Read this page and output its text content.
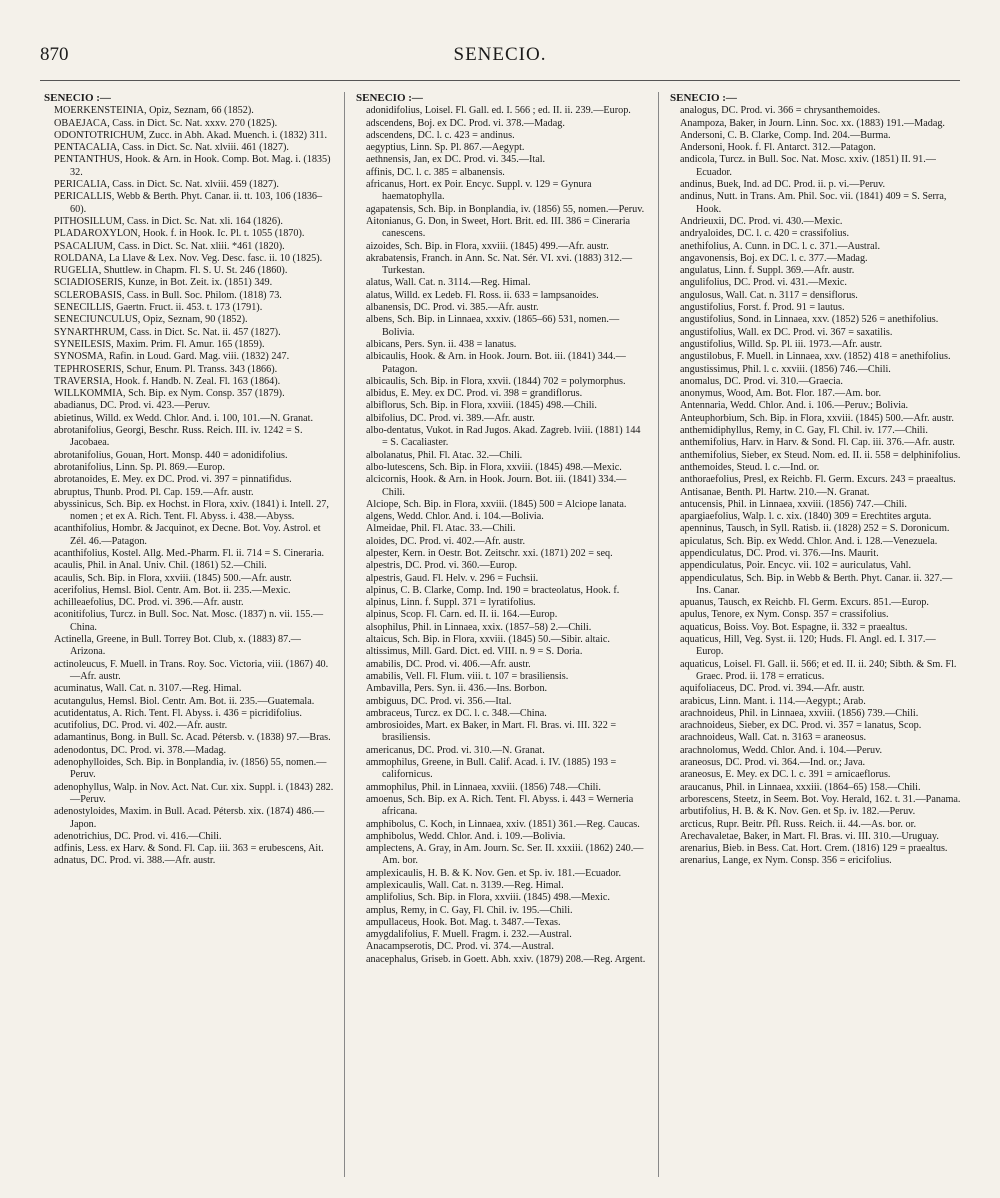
870	SENECIO.
SENECIO :—

MOERKENSTEINIA, Opiz, Seznam, 66 (1852).

OBAEJACA, Cass. in Dict. Sc. Nat. xxxv. 270 (1825).

ODONTOTRICHUM, Zucc. in Abh. Akad. Muench. i. (1832) 311.

PENTACALIA, Cass. in Dict. Sc. Nat. xlviii. 461 (1827).

PENTANTHUS, Hook. & Arn. in Hook. Comp. Bot. Mag. i. (1835) 32.

PERICALIA, Cass. in Dict. Sc. Nat. xlviii. 459 (1827).

PERICALLIS, Webb & Berth. Phyt. Canar. ii. tt. 103, 106 (1836–60).

PITHOSILLUM, Cass. in Dict. Sc. Nat. xli. 164 (1826).

PLADAROXYLON, Hook. f. in Hook. Ic. Pl. t. 1055 (1870).

PSACALIUM, Cass. in Dict. Sc. Nat. xliii. *461 (1820).

ROLDANA, La Llave & Lex. Nov. Veg. Desc. fasc. ii. 10 (1825).

RUGELIA, Shuttlew. in Chapm. Fl. S. U. St. 246 (1860).

SCIADIOSERIS, Kunze, in Bot. Zeit. ix. (1851) 349.

SCLEROBASIS, Cass. in Bull. Soc. Philom. (1818) 73.

SENECILLIS, Gaertn. Fruct. ii. 453. t. 173 (1791).

SENECIUNCULUS, Opiz, Seznam, 90 (1852).

SYNARTHRUM, Cass. in Dict. Sc. Nat. ii. 457 (1827).

SYNEILESIS, Maxim. Prim. Fl. Amur. 165 (1859).

SYNOSMA, Rafin. in Loud. Gard. Mag. viii. (1832) 247.

TEPHROSERIS, Schur, Enum. Pl. Transs. 343 (1866).

TRAVERSIA, Hook. f. Handb. N. Zeal. Fl. 163 (1864).

WILLKOMMIA, Sch. Bip. ex Nym. Consp. 357 (1879).

abadianus, DC. Prod. vi. 423.—Peruv.

abietinus, Willd. ex Wedd. Chlor. And. i. 100, 101.—N. Granat.

abrotanifolius, Georgi, Beschr. Russ. Reich. III. iv. 1242 = S. Jacobaea.

abrotanifolius, Gouan, Hort. Monsp. 440 = adonidifolius.

abrotanifolius, Linn. Sp. Pl. 869.—Europ.

abrotanoides, E. Mey. ex DC. Prod. vi. 397 = pinnatifidus.

abruptus, Thunb. Prod. Pl. Cap. 159.—Afr. austr.

abyssinicus, Sch. Bip. ex Hochst. in Flora, xxiv. (1841) i. Intell. 27, nomen ; et ex A. Rich. Tent. Fl. Abyss. i. 438.—Abyss.

acanthifolius, Hombr. & Jacquinot, ex Decne. Bot. Voy. Astrol. et Zél. 46.—Patagon.

acanthifolius, Kostel. Allg. Med.-Pharm. Fl. ii. 714 = S. Cineraria.

acaulis, Phil. in Anal. Univ. Chil. (1861) 52.—Chili.

acaulis, Sch. Bip. in Flora, xxviii. (1845) 500.—Afr. austr.

acerifolius, Hemsl. Biol. Centr. Am. Bot. ii. 235.—Mexic.

achilleaefolius, DC. Prod. vi. 396.—Afr. austr.

aconitifolius, Turcz. in Bull. Soc. Nat. Mosc. (1837) n. vii. 155.—China.

Actinella, Greene, in Bull. Torrey Bot. Club, x. (1883) 87.—Arizona.

actinoleucus, F. Muell. in Trans. Roy. Soc. Victoria, viii. (1867) 40.—Afr. austr.

acuminatus, Wall. Cat. n. 3107.—Reg. Himal.

acutangulus, Hemsl. Biol. Centr. Am. Bot. ii. 235.—Guatemala.

acutidentatus, A. Rich. Tent. Fl. Abyss. i. 436 = picridifolius.

acutifolius, DC. Prod. vi. 402.—Afr. austr.

adamantinus, Bong. in Bull. Sc. Acad. Pétersb. v. (1838) 97.—Bras.

adenodontus, DC. Prod. vi. 378.—Madag.

adenophylloides, Sch. Bip. in Bonplandia, iv. (1856) 55, nomen.—Peruv.

adenophyllus, Walp. in Nov. Act. Nat. Cur. xix. Suppl. i. (1843) 282.—Peruv.

adenostyloides, Maxim. in Bull. Acad. Pétersb. xix. (1874) 486.—Japon.

adenotrichius, DC. Prod. vi. 416.—Chili.

adfinis, Less. ex Harv. & Sond. Fl. Cap. iii. 363 = erubescens, Ait.

adnatus, DC. Prod. vi. 388.—Afr. austr.

SENECIO :—

adonidifolius, Loisel. Fl. Gall. ed. I. 566 ; ed. II. ii. 239.—Europ.

adscendens, Boj. ex DC. Prod. vi. 378.—Madag.

adscendens, DC. l. c. 423 = andinus.

aegyptius, Linn. Sp. Pl. 867.—Aegypt.

aethnensis, Jan, ex DC. Prod. vi. 345.—Ital.

affinis, DC. l. c. 385 = albanensis.

africanus, Hort. ex Poir. Encyc. Suppl. v. 129 = Gynura haematophylla.

agapatensis, Sch. Bip. in Bonplandia, iv. (1856) 55, nomen.—Peruv.

Aitonianus, G. Don, in Sweet, Hort. Brit. ed. III. 386 = Cineraria canescens.

aizoides, Sch. Bip. in Flora, xxviii. (1845) 499.—Afr. austr.

akrabatensis, Franch. in Ann. Sc. Nat. Sér. VI. xvi. (1883) 312.—Turkestan.

alatus, Wall. Cat. n. 3114.—Reg. Himal.

alatus, Willd. ex Ledeb. Fl. Ross. ii. 633 = lampsanoides.

albanensis, DC. Prod. vi. 385.—Afr. austr.

albens, Sch. Bip. in Linnaea, xxxiv. (1865–66) 531, nomen.—Bolivia.

albicans, Pers. Syn. ii. 438 = lanatus.

albicaulis, Hook. & Arn. in Hook. Journ. Bot. iii. (1841) 344.—Patagon.

albicaulis, Sch. Bip. in Flora, xxvii. (1844) 702 = polymorphus.

albidus, E. Mey. ex DC. Prod. vi. 398 = grandiflorus.

albiflorus, Sch. Bip. in Flora, xxviii. (1845) 498.—Chili.

albifolius, DC. Prod. vi. 389.—Afr. austr.

albo-dentatus, Vukot. in Rad Jugos. Akad. Zagreb. lviii. (1881) 144 = S. Cacaliaster.

albolanatus, Phil. Fl. Atac. 32.—Chili.

albo-lutescens, Sch. Bip. in Flora, xxviii. (1845) 498.—Mexic.

alcicornis, Hook. & Arn. in Hook. Journ. Bot. iii. (1841) 334.—Chili.

Alciope, Sch. Bip. in Flora, xxviii. (1845) 500 = Alciope lanata.

algens, Wedd. Chlor. And. i. 104.—Bolivia.

Almeidae, Phil. Fl. Atac. 33.—Chili.

aloides, DC. Prod. vi. 402.—Afr. austr.

alpester, Kern. in Oestr. Bot. Zeitschr. xxi. (1871) 202 = seq.

alpestris, DC. Prod. vi. 360.—Europ.

alpestris, Gaud. Fl. Helv. v. 296 = Fuchsii.

alpinus, C. B. Clarke, Comp. Ind. 190 = bracteolatus, Hook. f.

alpinus, Linn. f. Suppl. 371 = lyratifolius.

alpinus, Scop. Fl. Carn. ed. II. ii. 164.—Europ.

alsophilus, Phil. in Linnaea, xxix. (1857–58) 2.—Chili.

altaicus, Sch. Bip. in Flora, xxviii. (1845) 50.—Sibir. altaic.

altissimus, Mill. Gard. Dict. ed. VIII. n. 9 = S. Doria.

amabilis, DC. Prod. vi. 406.—Afr. austr.

amabilis, Vell. Fl. Flum. viii. t. 107 = brasiliensis.

Ambavilla, Pers. Syn. ii. 436.—Ins. Borbon.

ambiguus, DC. Prod. vi. 356.—Ital.

ambraceus, Turcz. ex DC. l. c. 348.—China.

ambrosioides, Mart. ex Baker, in Mart. Fl. Bras. vi. III. 322 = brasiliensis.

americanus, DC. Prod. vi. 310.—N. Granat.

ammophilus, Greene, in Bull. Calif. Acad. i. IV. (1885) 193 = californicus.

ammophilus, Phil. in Linnaea, xxviii. (1856) 748.—Chili.

amoenus, Sch. Bip. ex A. Rich. Tent. Fl. Abyss. i. 443 = Werneria africana.

amphibolus, C. Koch, in Linnaea, xxiv. (1851) 361.—Reg. Caucas.

amphibolus, Wedd. Chlor. And. i. 109.—Bolivia.

amplectens, A. Gray, in Am. Journ. Sc. Ser. II. xxxiii. (1862) 240.—Am. bor.

amplexicaulis, H. B. & K. Nov. Gen. et Sp. iv. 181.—Ecuador.

amplexicaulis, Wall. Cat. n. 3139.—Reg. Himal.

amplifolius, Sch. Bip. in Flora, xxviii. (1845) 498.—Mexic.

amplus, Remy, in C. Gay, Fl. Chil. iv. 195.—Chili.

ampullaceus, Hook. Bot. Mag. t. 3487.—Texas.

amygdalifolius, F. Muell. Fragm. i. 232.—Austral.

Anacampserotis, DC. Prod. vi. 374.—Austral.

anacephalus, Griseb. in Goett. Abh. xxiv. (1879) 208.—Reg. Argent.

SENECIO :—

analogus, DC. Prod. vi. 366 = chrysanthemoides.

Anampoza, Baker, in Journ. Linn. Soc. xx. (1883) 191.—Madag.

Andersoni, C. B. Clarke, Comp. Ind. 204.—Burma.

Andersoni, Hook. f. Fl. Antarct. 312.—Patagon.

andicola, Turcz. in Bull. Soc. Nat. Mosc. xxiv. (1851) II. 91.—Ecuador.

andinus, Buek, Ind. ad DC. Prod. ii. p. vi.—Peruv.

andinus, Nutt. in Trans. Am. Phil. Soc. vii. (1841) 409 = S. Serra, Hook.

Andrieuxii, DC. Prod. vi. 430.—Mexic.

andryaloides, DC. l. c. 420 = crassifolius.

anethifolius, A. Cunn. in DC. l. c. 371.—Austral.

angavonensis, Boj. ex DC. l. c. 377.—Madag.

angulatus, Linn. f. Suppl. 369.—Afr. austr.

angulifolius, DC. Prod. vi. 431.—Mexic.

angulosus, Wall. Cat. n. 3117 = densiflorus.

angustifolius, Forst. f. Prod. 91 = lautus.

angustifolius, Sond. in Linnaea, xxv. (1852) 526 = anethifolius.

angustifolius, Wall. ex DC. Prod. vi. 367 = saxatilis.

angustifolius, Willd. Sp. Pl. iii. 1973.—Afr. austr.

angustilobus, F. Muell. in Linnaea, xxv. (1852) 418 = anethifolius.

angustissimus, Phil. l. c. xxviii. (1856) 746.—Chili.

anomalus, DC. Prod. vi. 310.—Graecia.

anonymus, Wood, Am. Bot. Flor. 187.—Am. bor.

Antennaria, Wedd. Chlor. And. i. 106.—Peruv.; Bolivia.

Anteuphorbium, Sch. Bip. in Flora, xxviii. (1845) 500.—Afr. austr.

anthemidiphyllus, Remy, in C. Gay, Fl. Chil. iv. 177.—Chili.

anthemifolius, Harv. in Harv. & Sond. Fl. Cap. iii. 376.—Afr. austr.

anthemifolius, Sieber, ex Steud. Nom. ed. II. ii. 558 = delphinifolius.

anthemoides, Steud. l. c.—Ind. or.

anthoraefolius, Presl, ex Reichb. Fl. Germ. Excurs. 243 = praealtus.

Antisanae, Benth. Pl. Hartw. 210.—N. Granat.

antucensis, Phil. in Linnaea, xxviii. (1856) 747.—Chili.

apargiaefolius, Walp. l. c. xix. (1840) 309 = Erechtites arguta.

apenninus, Tausch, in Syll. Ratisb. ii. (1828) 252 = S. Doronicum.

apiculatus, Sch. Bip. ex Wedd. Chlor. And. i. 128.—Venezuela.

appendiculatus, DC. Prod. vi. 376.—Ins. Maurit.

appendiculatus, Poir. Encyc. vii. 102 = auriculatus, Vahl.

appendiculatus, Sch. Bip. in Webb & Berth. Phyt. Canar. ii. 327.—Ins. Canar.

apuanus, Tausch, ex Reichb. Fl. Germ. Excurs. 851.—Europ.

apulus, Tenore, ex Nym. Consp. 357 = crassifolius.

aquaticus, Boiss. Voy. Bot. Espagne, ii. 332 = praealtus.

aquaticus, Hill, Veg. Syst. ii. 120; Huds. Fl. Angl. ed. I. 317.—Europ.

aquaticus, Loisel. Fl. Gall. ii. 566; et ed. II. ii. 240; Sibth. & Sm. Fl. Graec. Prod. ii. 178 = erraticus.

aquifoliaceus, DC. Prod. vi. 394.—Afr. austr.

arabicus, Linn. Mant. i. 114.—Aegypt.; Arab.

arachnoideus, Phil. in Linnaea, xxviii. (1856) 739.—Chili.

arachnoideus, Sieber, ex DC. Prod. vi. 357 = lanatus, Scop.

arachnoideus, Wall. Cat. n. 3163 = araneosus.

arachnolomus, Wedd. Chlor. And. i. 104.—Peruv.

araneosus, DC. Prod. vi. 364.—Ind. or.; Java.

araneosus, E. Mey. ex DC. l. c. 391 = arnicaeflorus.

araucanus, Phil. in Linnaea, xxxiii. (1864–65) 158.—Chili.

arborescens, Steetz, in Seem. Bot. Voy. Herald, 162. t. 31.—Panama.

arbutifolius, H. B. & K. Nov. Gen. et Sp. iv. 182.—Peruv.

arcticus, Rupr. Beitr. Pfl. Russ. Reich. ii. 44.—As. bor. or.

Arechavaletae, Baker, in Mart. Fl. Bras. vi. III. 310.—Uruguay.

arenarius, Bieb. in Bess. Cat. Hort. Crem. (1816) 129 = praealtus.

arenarius, Lange, ex Nym. Consp. 356 = ericifolius.
